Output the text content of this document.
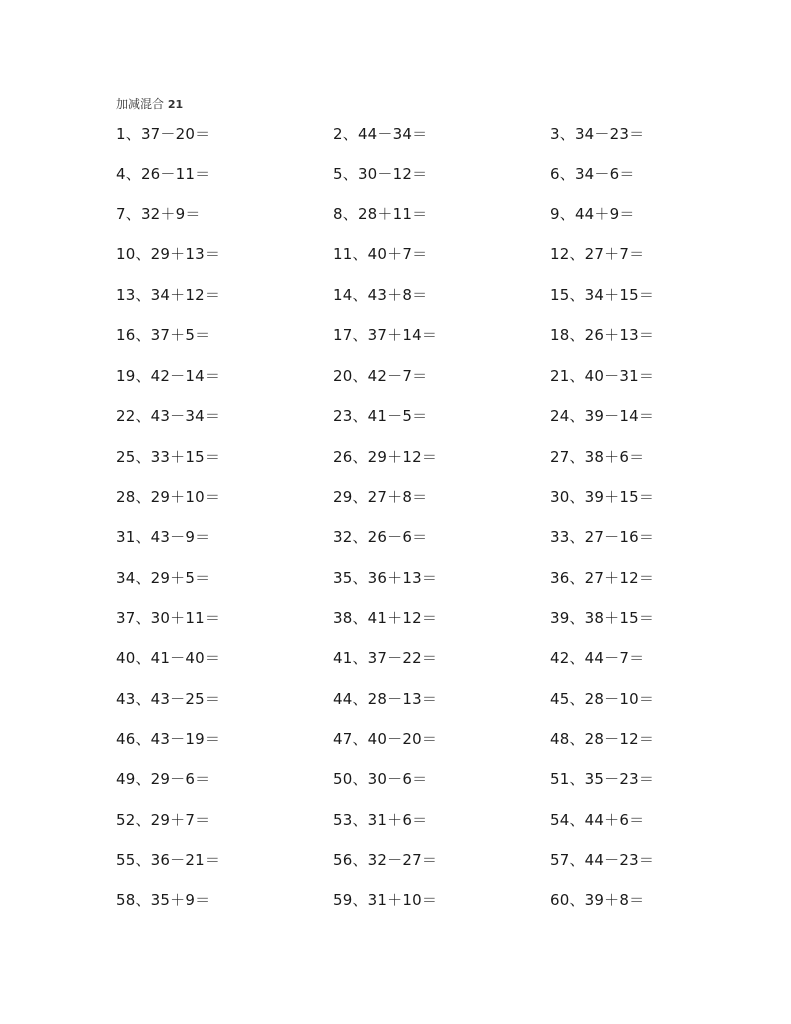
加减混合 21
1、37－20＝	2、44－34＝	3、34－23＝
4、26－11＝	5、30－12＝	6、34－6＝
7、32＋9＝	8、28＋11＝	9、44＋9＝
10、29＋13＝	11、40＋7＝	12、27＋7＝
13、34＋12＝	14、43＋8＝	15、34＋15＝
16、37＋5＝	17、37＋14＝	18、26＋13＝
19、42－14＝	20、42－7＝	21、40－31＝
22、43－34＝	23、41－5＝	24、39－14＝
25、33＋15＝	26、29＋12＝	27、38＋6＝
28、29＋10＝	29、27＋8＝	30、39＋15＝
31、43－9＝	32、26－6＝	33、27－16＝
34、29＋5＝	35、36＋13＝	36、27＋12＝
37、30＋11＝	38、41＋12＝	39、38＋15＝
40、41－40＝	41、37－22＝	42、44－7＝
43、43－25＝	44、28－13＝	45、28－10＝
46、43－19＝	47、40－20＝	48、28－12＝
49、29－6＝	50、30－6＝	51、35－23＝
52、29＋7＝	53、31＋6＝	54、44＋6＝
55、36－21＝	56、32－27＝	57、44－23＝
58、35＋9＝	59、31＋10＝	60、39＋8＝
